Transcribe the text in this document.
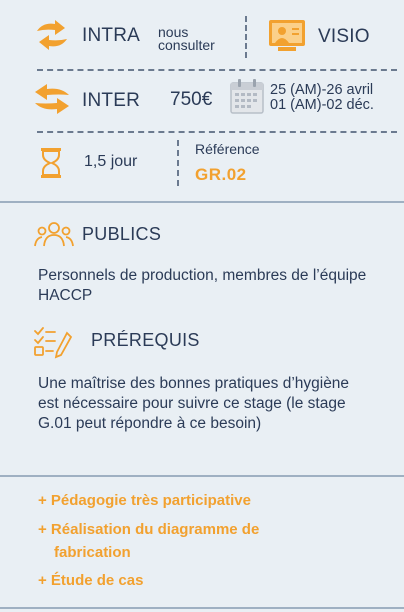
INTRA nous
consulter	VISIO
INTER 750€	25 (AM)-26 avril
01 (AM)-02 déc.
1,5 jour
Référence
GR.02
PUBLICS

Personnels de production, membres de l’équipe HACCP

PRÉREQUIS

Une maîtrise des bonnes pratiques d’hygiène est nécessaire pour suivre ce stage (le stage G.01 peut répondre à ce besoin)

+ Pédagogie très participative
+ Réalisation du diagramme de
fabrication
+ Étude de cas
